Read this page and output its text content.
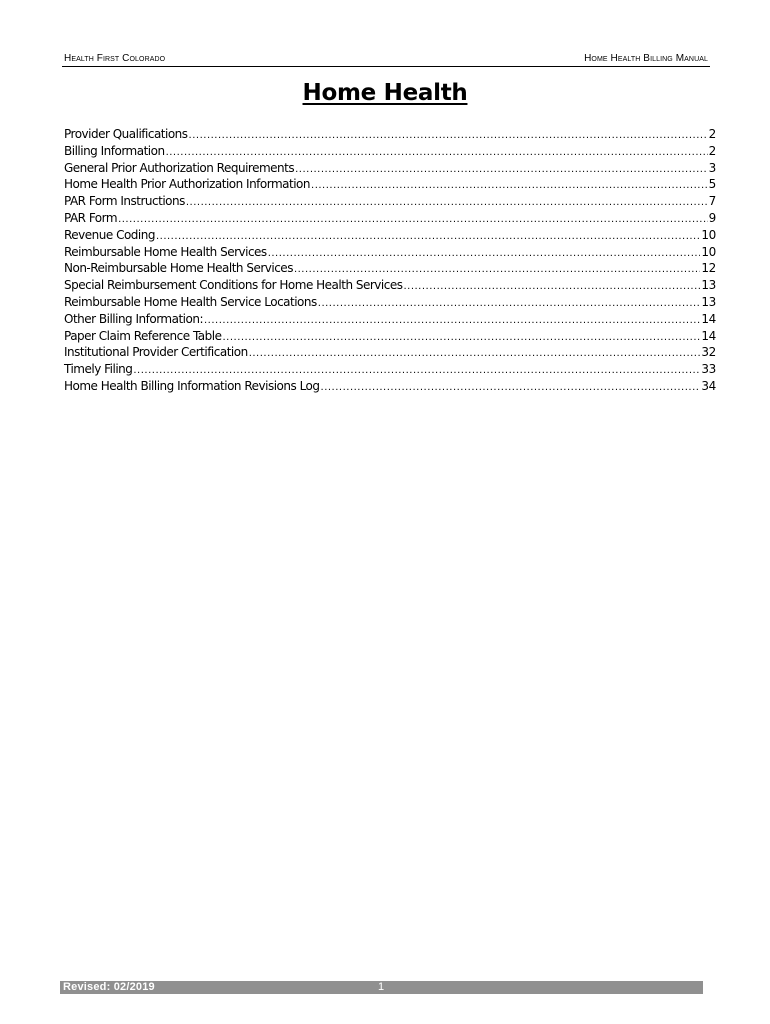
Health First Colorado	Home Health Billing Manual
Home Health
Provider Qualifications .....	2
Billing Information .....	2
General Prior Authorization Requirements .....	3
Home Health Prior Authorization Information .....	5
PAR Form Instructions .....	7
PAR Form .....	9
Revenue Coding .....	10
Reimbursable Home Health Services .....	10
Non-Reimbursable Home Health Services .....	12
Special Reimbursement Conditions for Home Health Services .....	13
Reimbursable Home Health Service Locations .....	13
Other Billing Information: .....	14
Paper Claim Reference Table .....	14
Institutional Provider Certification .....	32
Timely Filing .....	33
Home Health Billing Information Revisions Log .....	34
Revised: 02/2019	1
